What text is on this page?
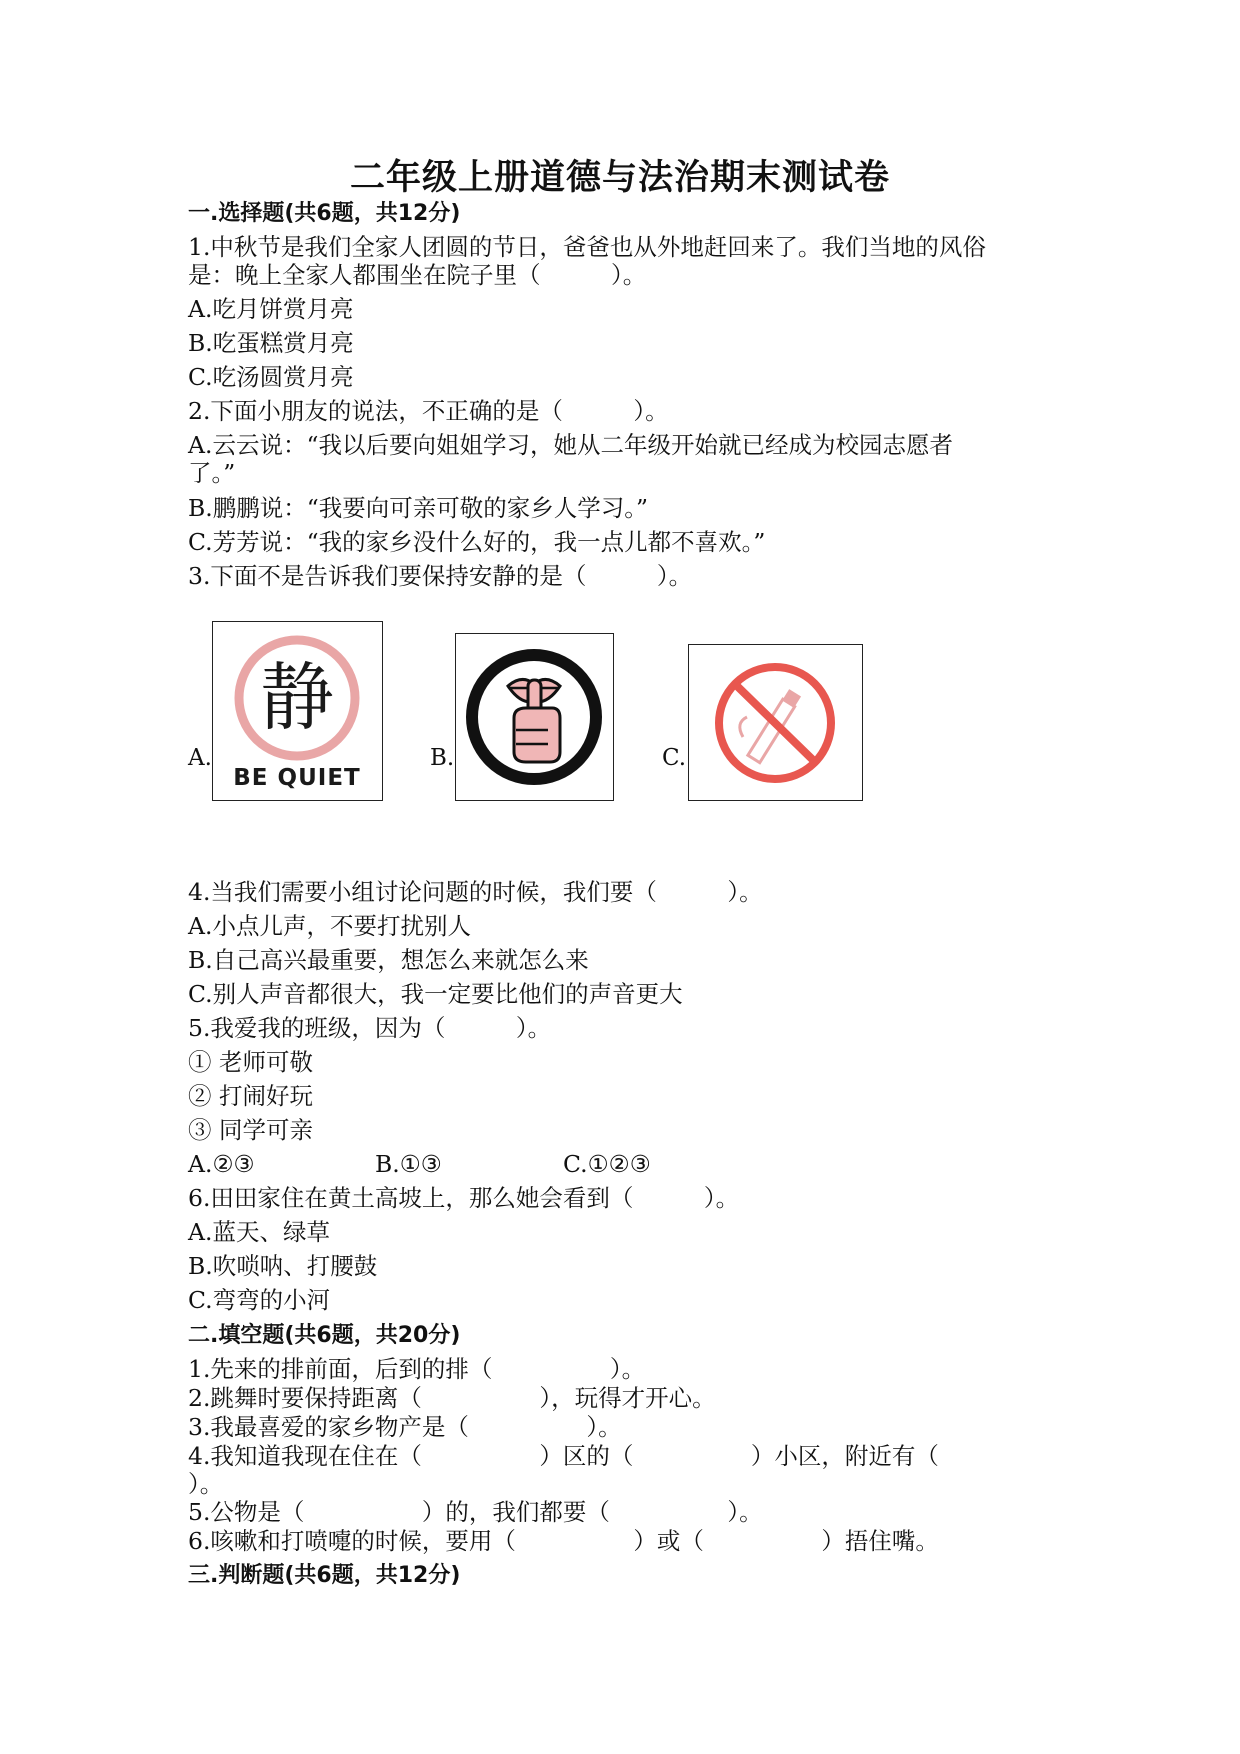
二年级上册道德与法治期末测试卷
一.选择题(共6题，共12分)
1.中秋节是我们全家人团圆的节日，爸爸也从外地赶回来了。我们当地的风俗
是：晚上全家人都围坐在院子里（　　　）。
A.吃月饼赏月亮
B.吃蛋糕赏月亮
C.吃汤圆赏月亮
2.下面小朋友的说法，不正确的是（　　　）。
A.云云说：“我以后要向姐姐学习，她从二年级开始就已经成为校园志愿者
了。”
B.鹏鹏说：“我要向可亲可敬的家乡人学习。”
C.芳芳说：“我的家乡没什么好的，我一点儿都不喜欢。”
3.下面不是告诉我们要保持安静的是（　　　）。
A.
静
BE QUIET
B.	C.
4.当我们需要小组讨论问题的时候，我们要（　　　）。
A.小点儿声，不要打扰别人
B.自己高兴最重要，想怎么来就怎么来
C.别人声音都很大，我一定要比他们的声音更大
5.我爱我的班级，因为（　　　）。
① 老师可敬
② 打闹好玩
③ 同学可亲
A.②③	B.①③	C.①②③
6.田田家住在黄土高坡上，那么她会看到（　　　）。
A.蓝天、绿草
B.吹唢呐、打腰鼓
C.弯弯的小河
二.填空题(共6题，共20分)
1.先来的排前面，后到的排（　　　　　）。
2.跳舞时要保持距离（　　　　　），玩得才开心。
3.我最喜爱的家乡物产是（　　　　　）。
4.我知道我现在住在（　　　　　）区的（　　　　　）小区，附近有（
）。
5.公物是（　　　　　）的，我们都要（　　　　　）。
6.咳嗽和打喷嚏的时候，要用（　　　　　）或（　　　　　）捂住嘴。
三.判断题(共6题，共12分)
